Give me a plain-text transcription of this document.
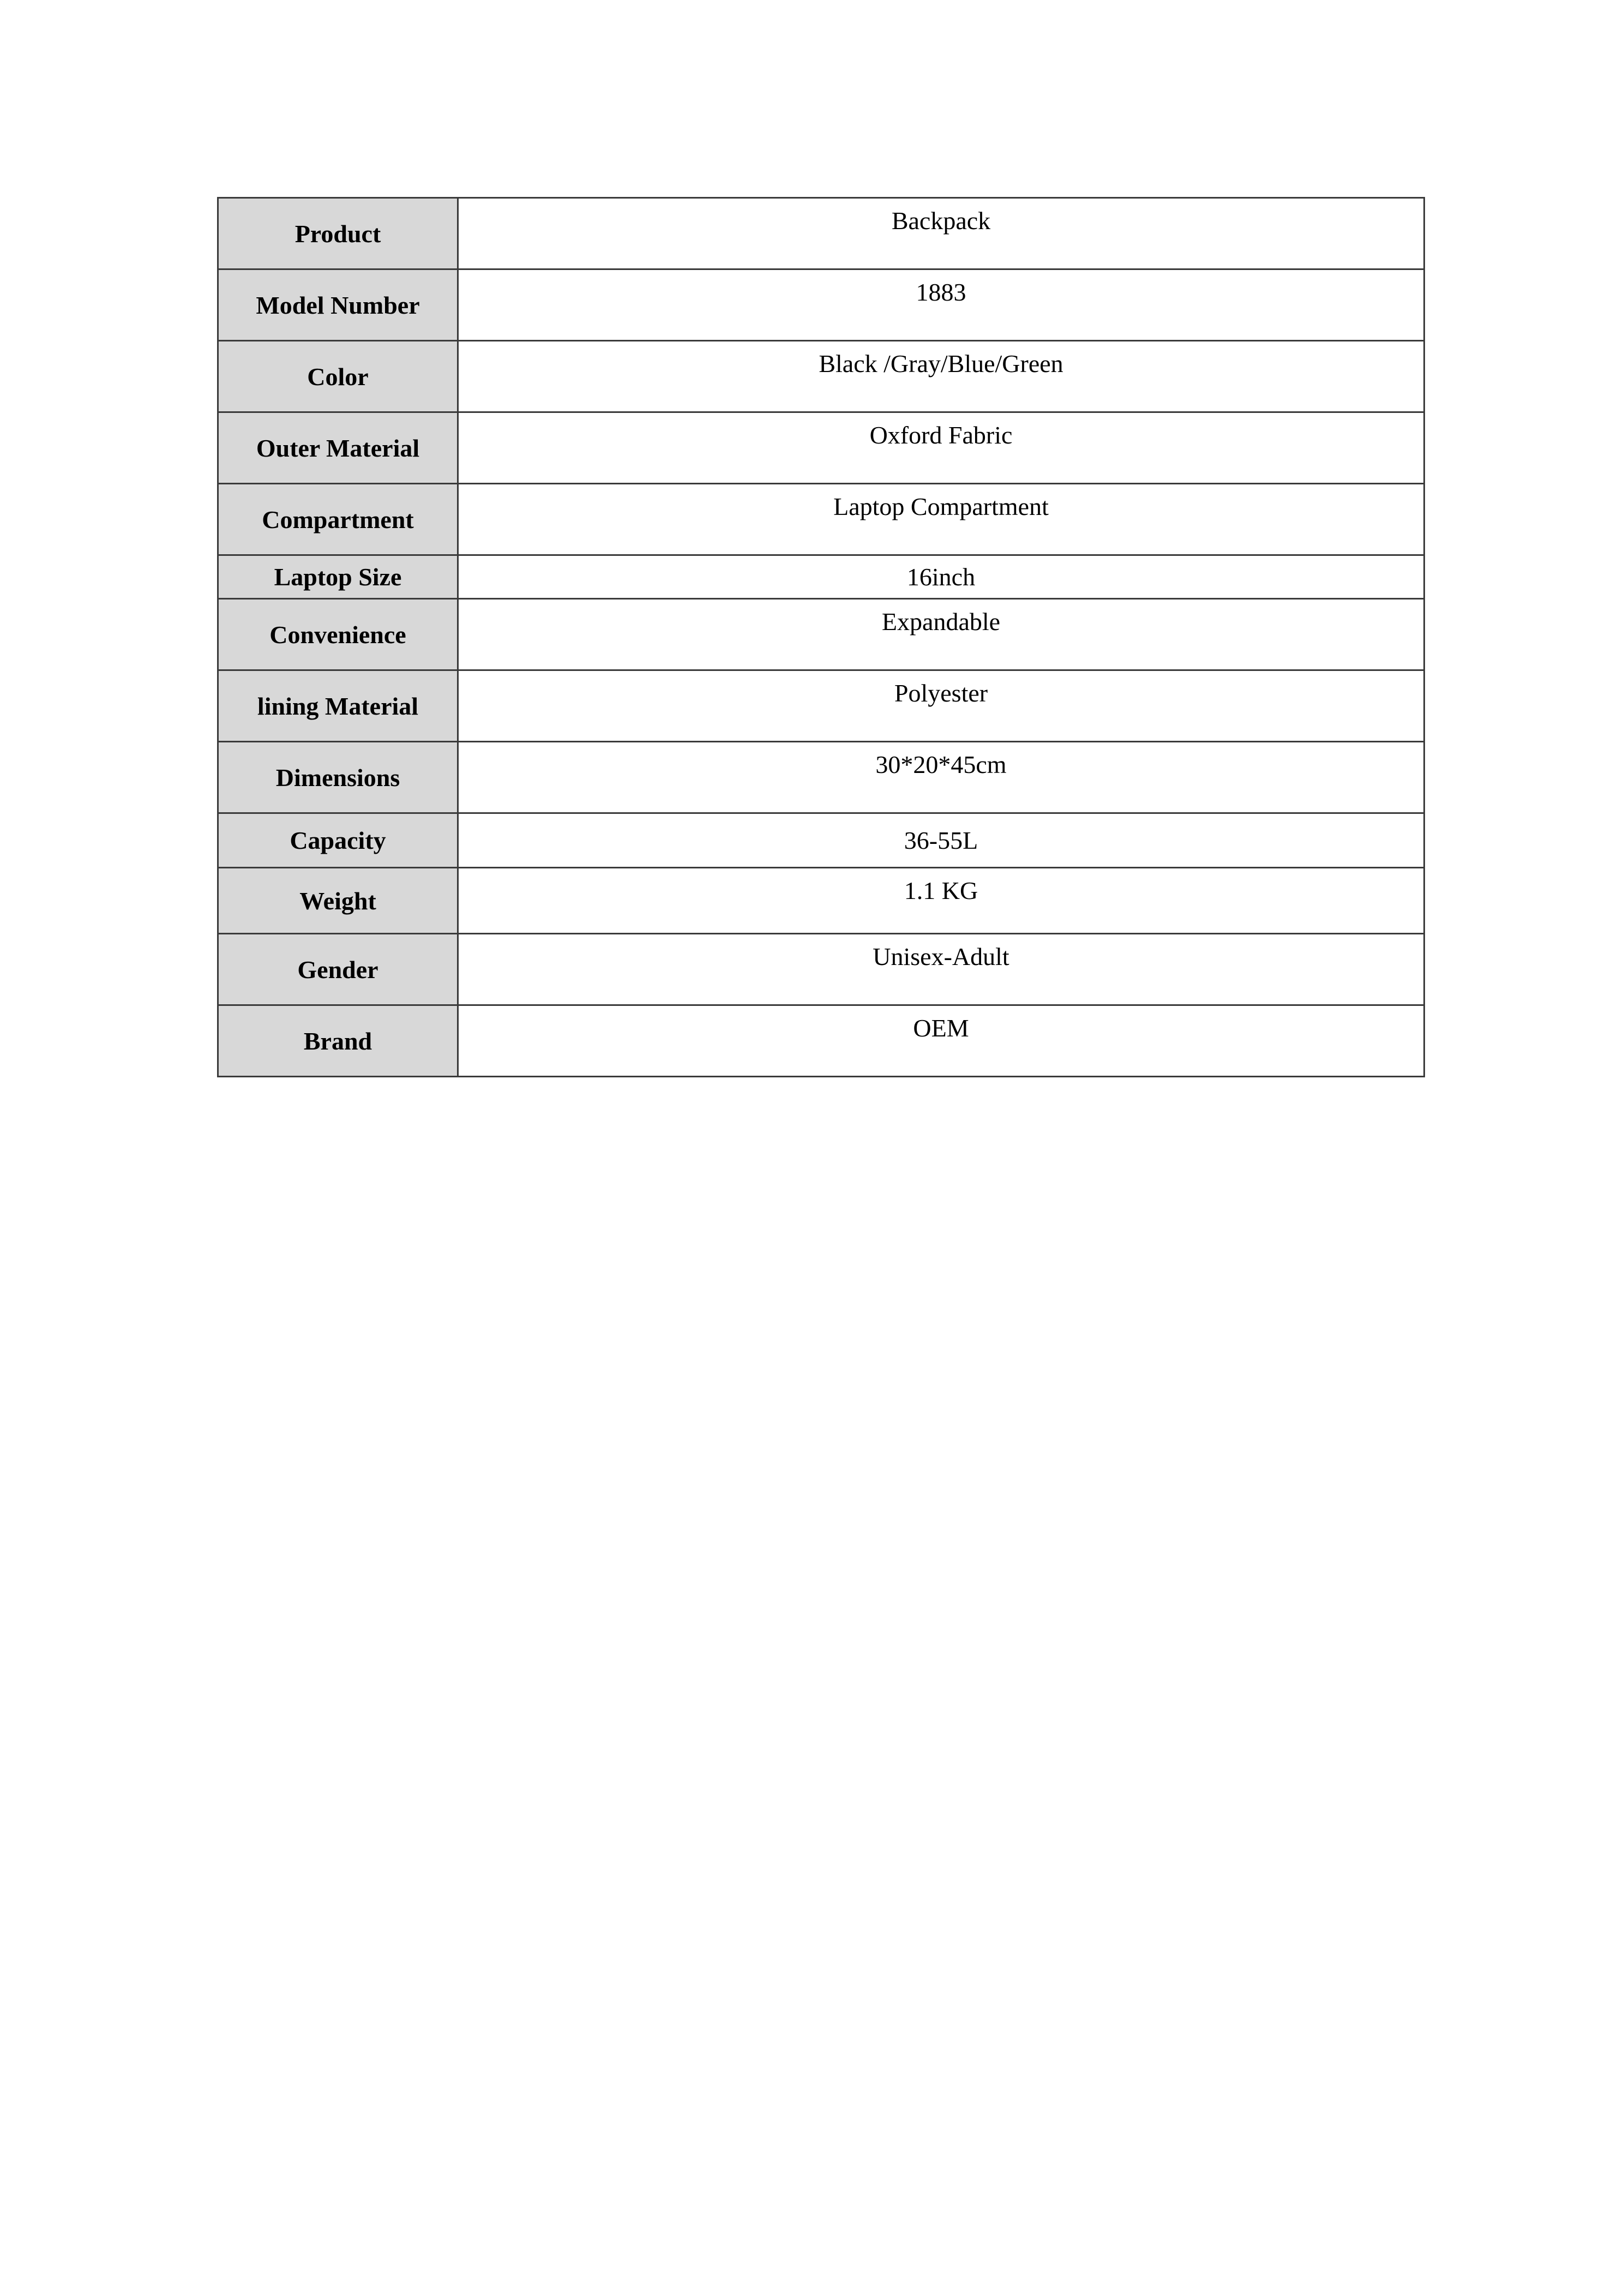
Product	Backpack
Model Number	1883
Color	Black /Gray/Blue/Green
Outer Material	Oxford Fabric
Compartment	Laptop Compartment
Laptop Size	16inch
Convenience	Expandable
lining Material	Polyester
Dimensions	30*20*45cm
Capacity	36-55L
Weight	1.1 KG
Gender	Unisex-Adult
Brand	OEM
